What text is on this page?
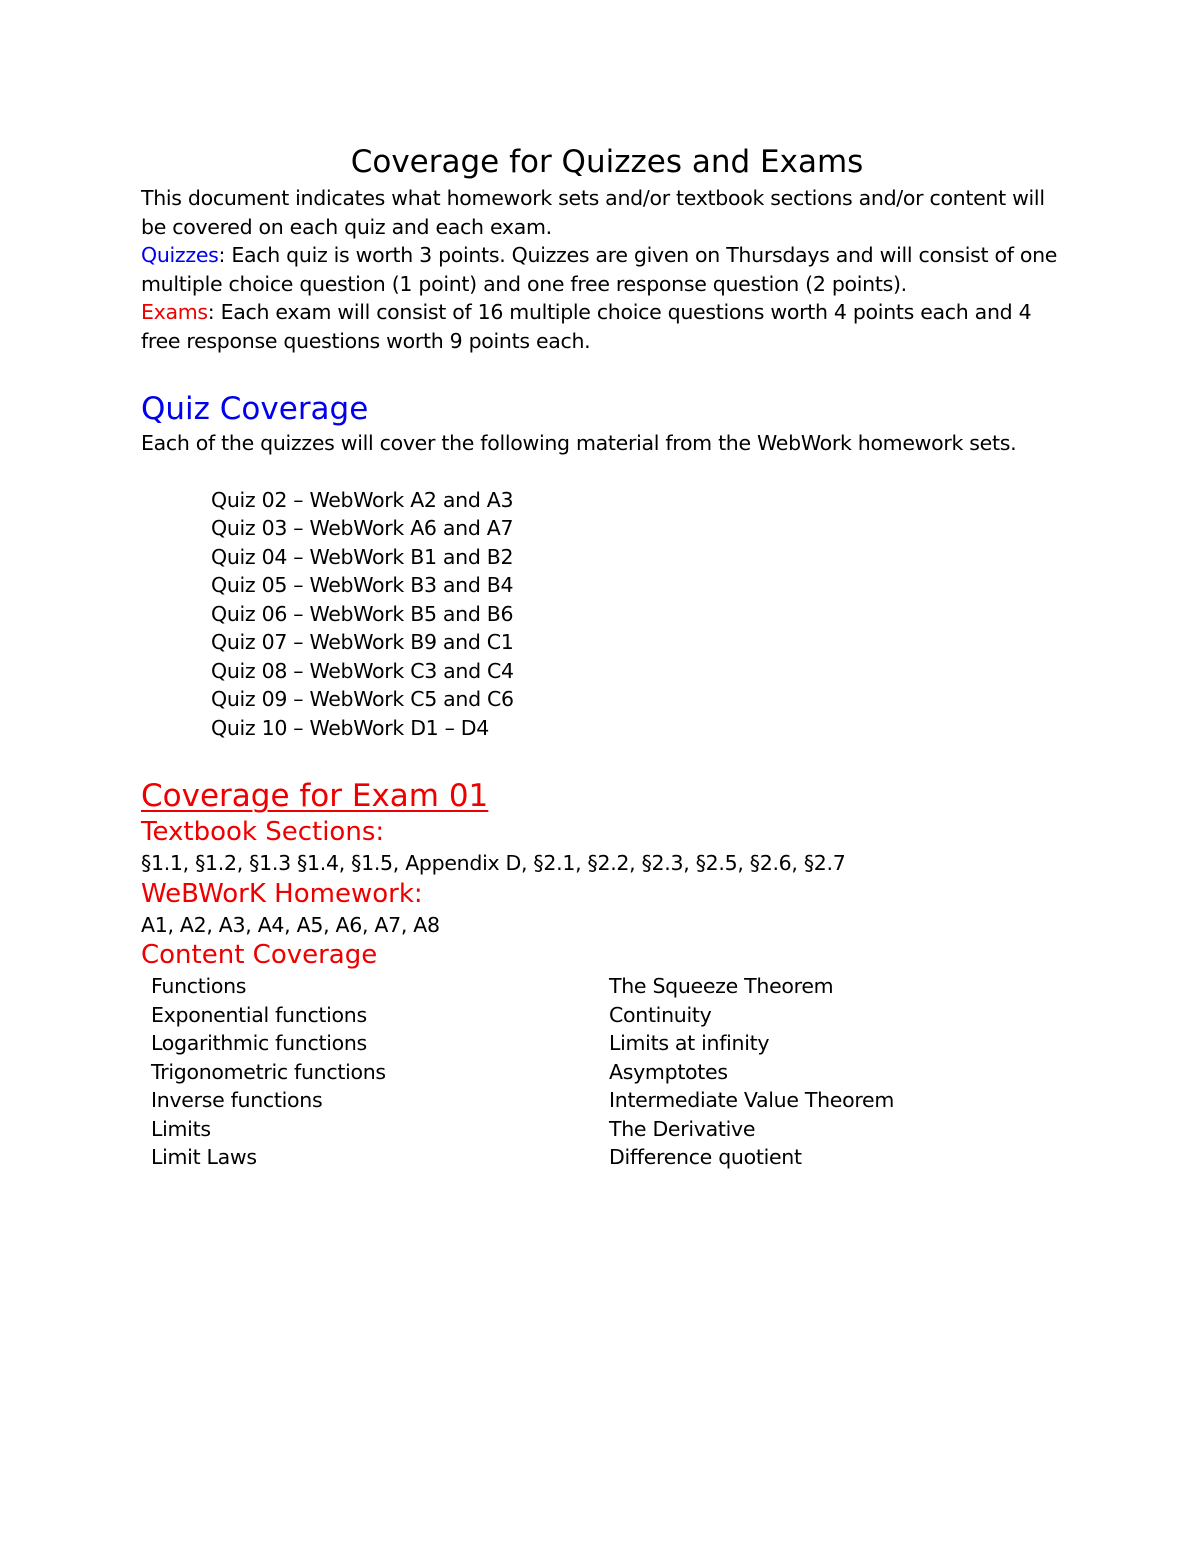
Coverage for Quizzes and Exams

This document indicates what homework sets and/or textbook sections and/or content will be covered on each quiz and each exam.

Quizzes: Each quiz is worth 3 points. Quizzes are given on Thursdays and will consist of one multiple choice question (1 point) and one free response question (2 points).

Exams: Each exam will consist of 16 multiple choice questions worth 4 points each and 4 free response questions worth 9 points each.

Quiz Coverage

Each of the quizzes will cover the following material from the WebWork homework sets.

Quiz 02 – WebWork A2 and A3
Quiz 03 – WebWork A6 and A7
Quiz 04 – WebWork B1 and B2
Quiz 05 – WebWork B3 and B4
Quiz 06 – WebWork B5 and B6
Quiz 07 – WebWork B9 and C1
Quiz 08 – WebWork C3 and C4
Quiz 09 – WebWork C5 and C6
Quiz 10 – WebWork D1 – D4
Coverage for Exam 01
Textbook Sections:

§1.1, §1.2, §1.3 §1.4, §1.5, Appendix D, §2.1, §2.2, §2.3, §2.5, §2.6, §2.7

WeBWorK Homework:

A1, A2, A3, A4, A5, A6, A7, A8

Content Coverage
Functions
Exponential functions
Logarithmic functions
Trigonometric functions
Inverse functions
Limits
Limit Laws
The Squeeze Theorem
Continuity
Limits at infinity
Asymptotes
Intermediate Value Theorem
The Derivative
Difference quotient
